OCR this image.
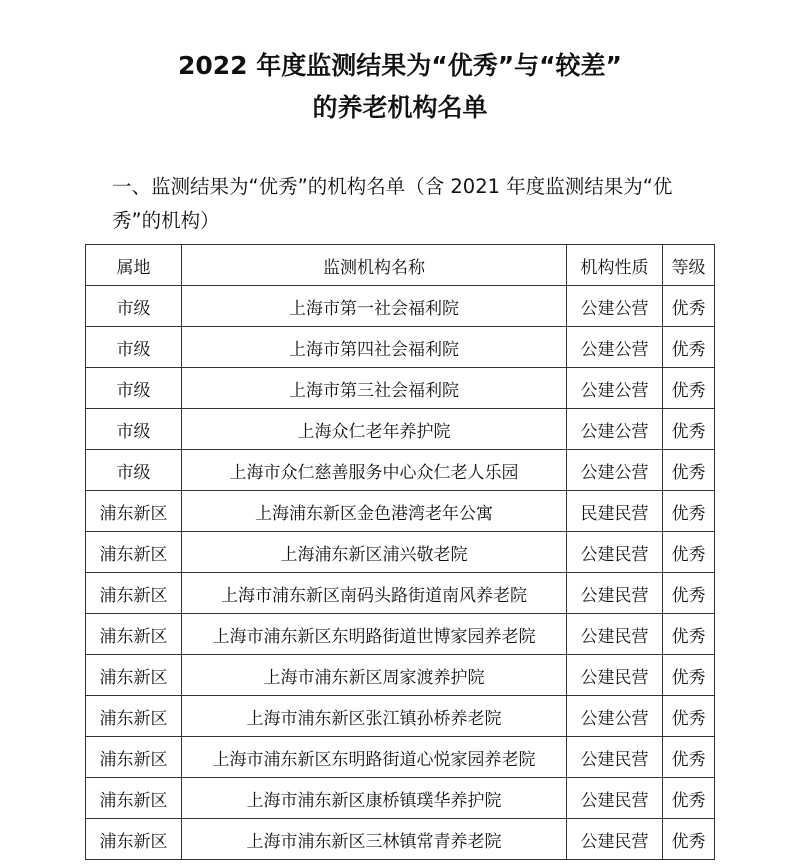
2022 年度监测结果为“优秀”与“较差”
的养老机构名单
一、监测结果为“优秀”的机构名单（含 2021 年度监测结果为“优秀”的机构）
属地	监测机构名称	机构性质	等级
市级	上海市第一社会福利院	公建公营	优秀
市级	上海市第四社会福利院	公建公营	优秀
市级	上海市第三社会福利院	公建公营	优秀
市级	上海众仁老年养护院	公建公营	优秀
市级	上海市众仁慈善服务中心众仁老人乐园	公建公营	优秀
浦东新区	上海浦东新区金色港湾老年公寓	民建民营	优秀
浦东新区	上海浦东新区浦兴敬老院	公建民营	优秀
浦东新区	上海市浦东新区南码头路街道南风养老院	公建民营	优秀
浦东新区	上海市浦东新区东明路街道世博家园养老院	公建民营	优秀
浦东新区	上海市浦东新区周家渡养护院	公建民营	优秀
浦东新区	上海市浦东新区张江镇孙桥养老院	公建公营	优秀
浦东新区	上海市浦东新区东明路街道心悦家园养老院	公建民营	优秀
浦东新区	上海市浦东新区康桥镇璞华养护院	公建民营	优秀
浦东新区	上海市浦东新区三林镇常青养老院	公建民营	优秀
